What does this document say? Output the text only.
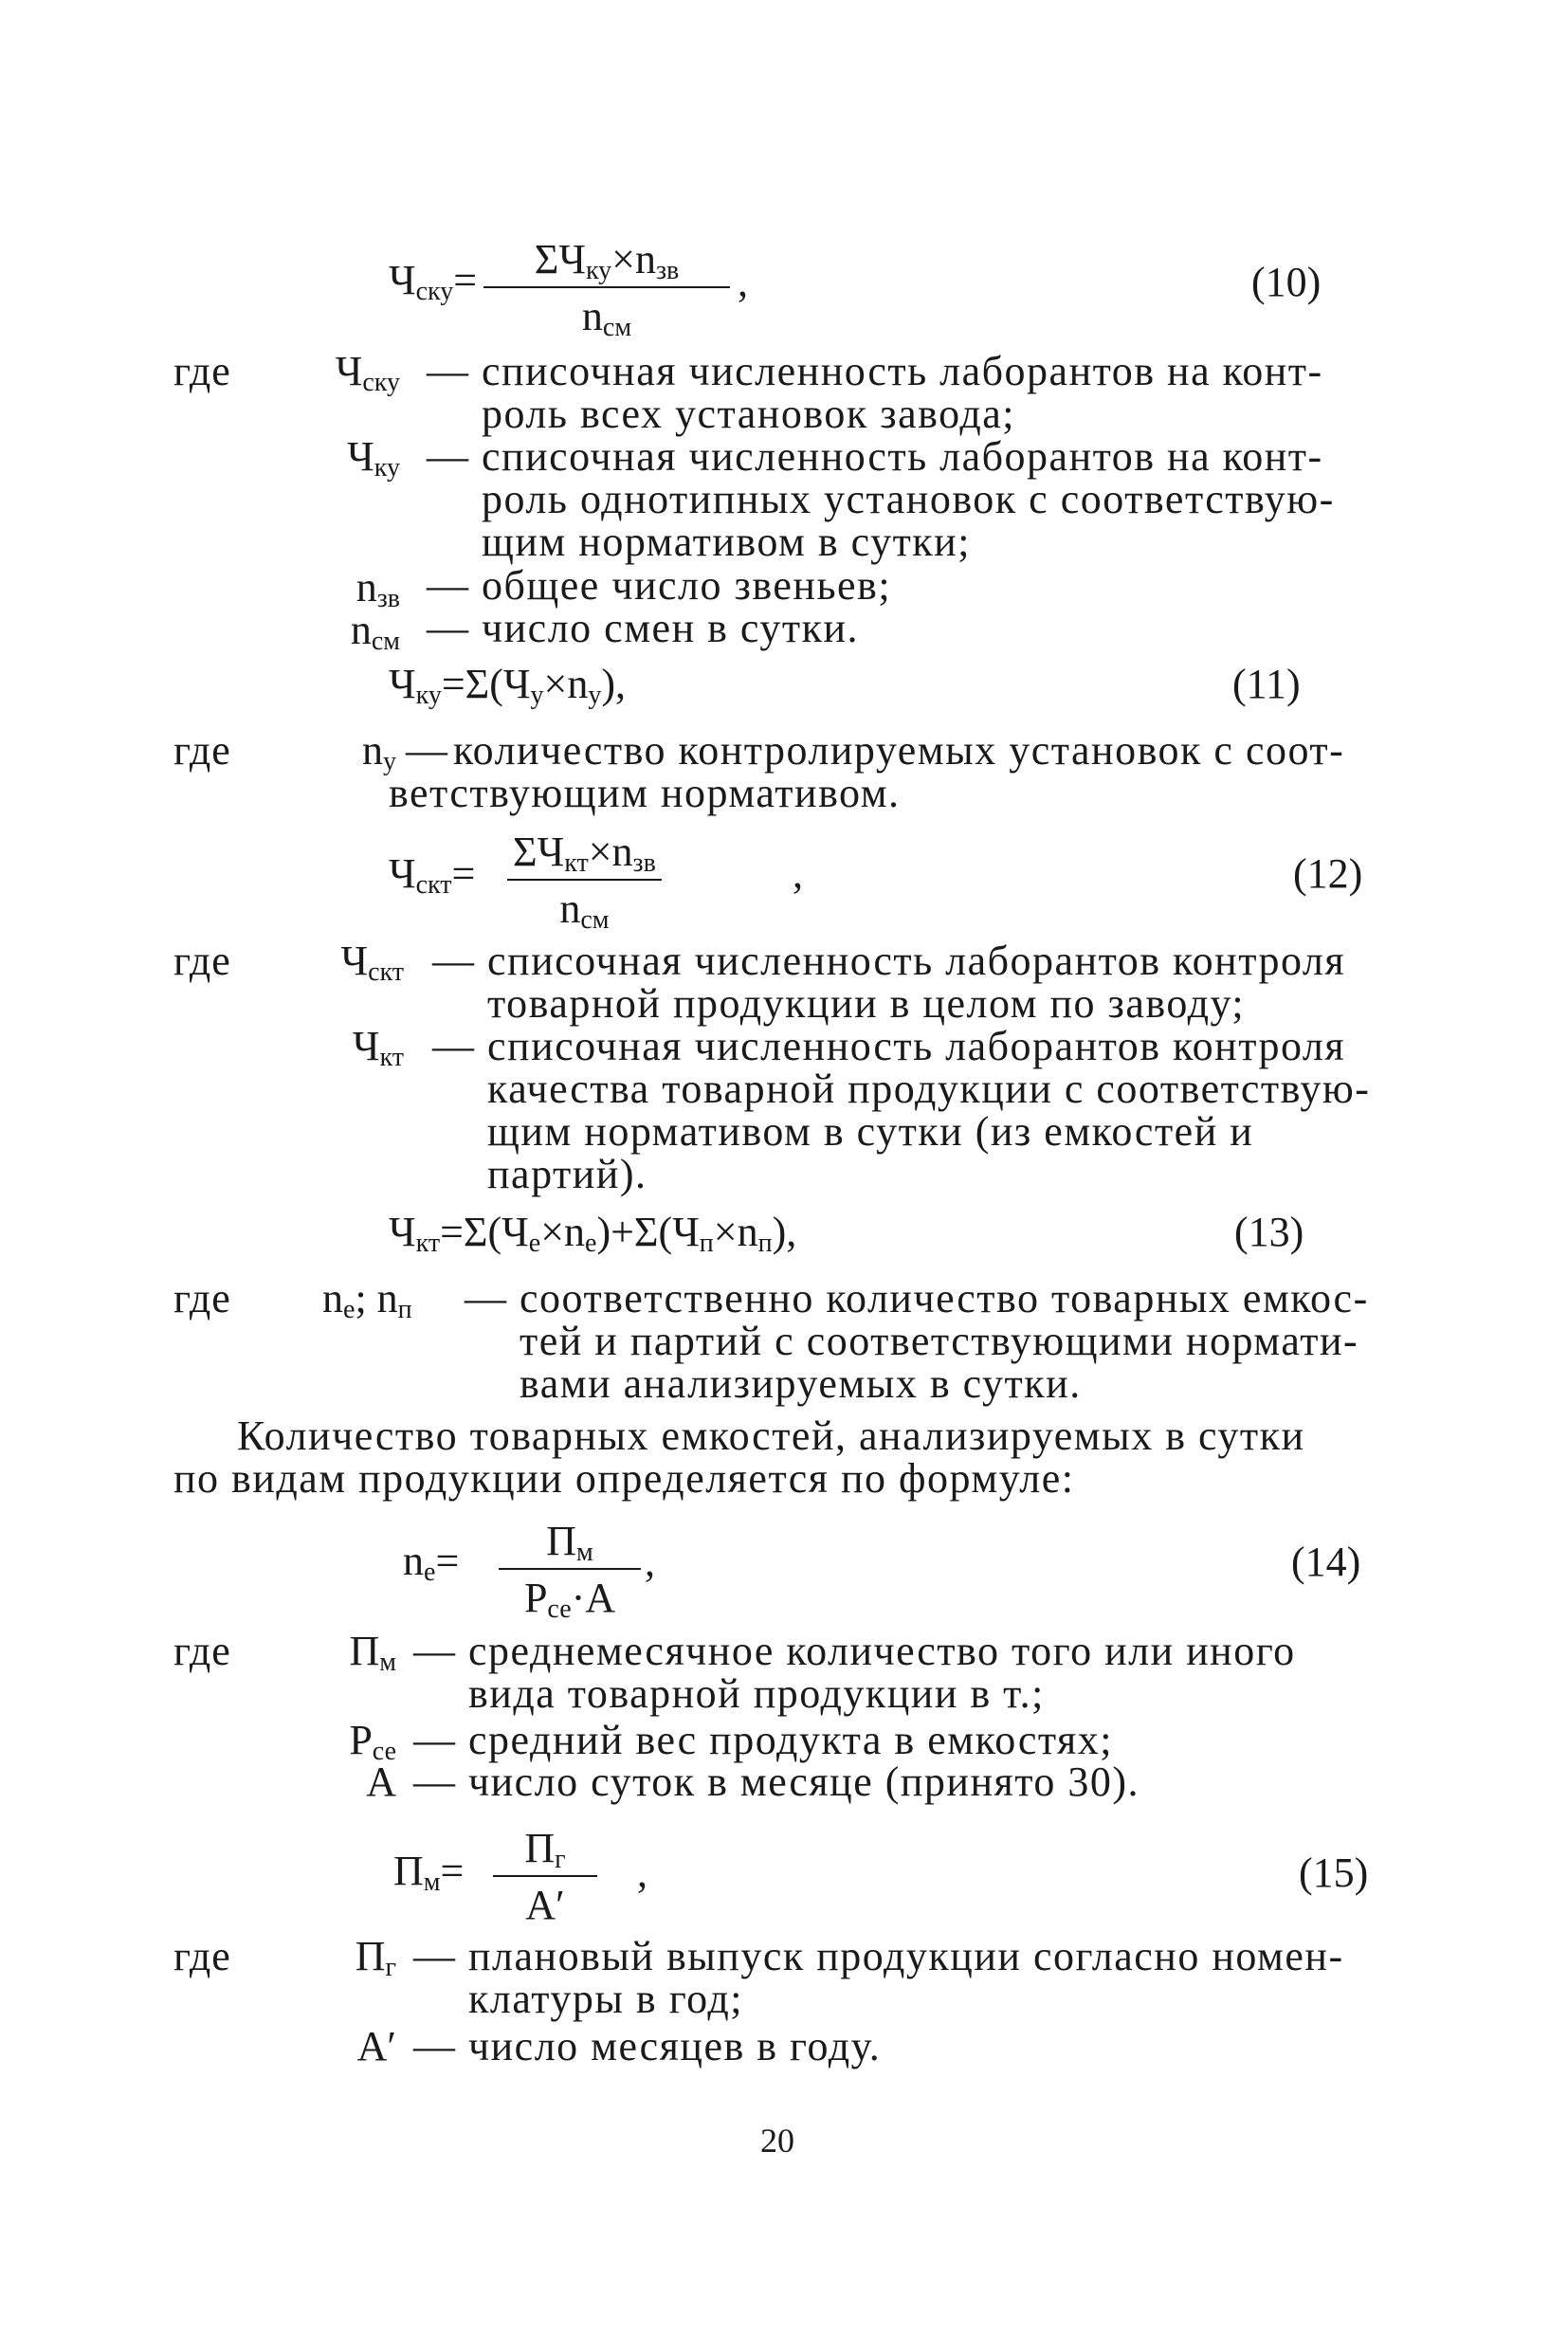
$Ч_{ску}=$	$\Sigma Ч_{ку}\times n_{зв}$
$n_{см}$
,	(10)
где $Ч_{ску}$ — списочная численность лаборантов на конт-
роль всех установок завода;
$Ч_{ку}$ — списочная численность лаборантов на конт-
роль однотипных установок с соответствую-
щим нормативом в сутки;
$n_{зв}$ — общее число звеньев;
$n_{см}$ — число смен в сутки.
$Ч_{ку}=\Sigma(Ч_у\times n_у)$,	(11)
где	$n_у$ — количество контролируемых установок с соот-
ветствующим нормативом.
$Ч_{скт}= \Sigma Ч_{кт}\times n_{зв}$
$n_{см}$
,	(12)
где	$Ч_{скт}$ — списочная численность лаборантов контроля
товарной продукции в целом по заводу;
$Ч_{кт}$ — списочная численность лаборантов контроля
качества товарной продукции с соответствую-
щим нормативом в сутки (из емкостей и
партий).
$Ч_{кт}=\Sigma(Ч_е\times n_е)+\Sigma(Ч_п\times n_п)$,	(13)
где $n_е$; $n_п$ — соответственно количество товарных емкос-
тей и партий с соответствующими нормати-
вами анализируемых в сутки.
Количество товарных емкостей, анализируемых в сутки
по видам продукции определяется по формуле:
$n_е=$	$П_м$
$Р_{се}\cdot А$
,	(14)
где	$П_м$ — среднемесячное количество того или иного
вида товарной продукции в т.;
$Р_{се}$ — средний вес продукта в емкостях;
А — число суток в месяце (принято 30).
$П_м=$	$П_г$
А′
,	(15)
где	$П_г$ — плановый выпуск продукции согласно номен-
клатуры в год;
А′ — число месяцев в году.
20
